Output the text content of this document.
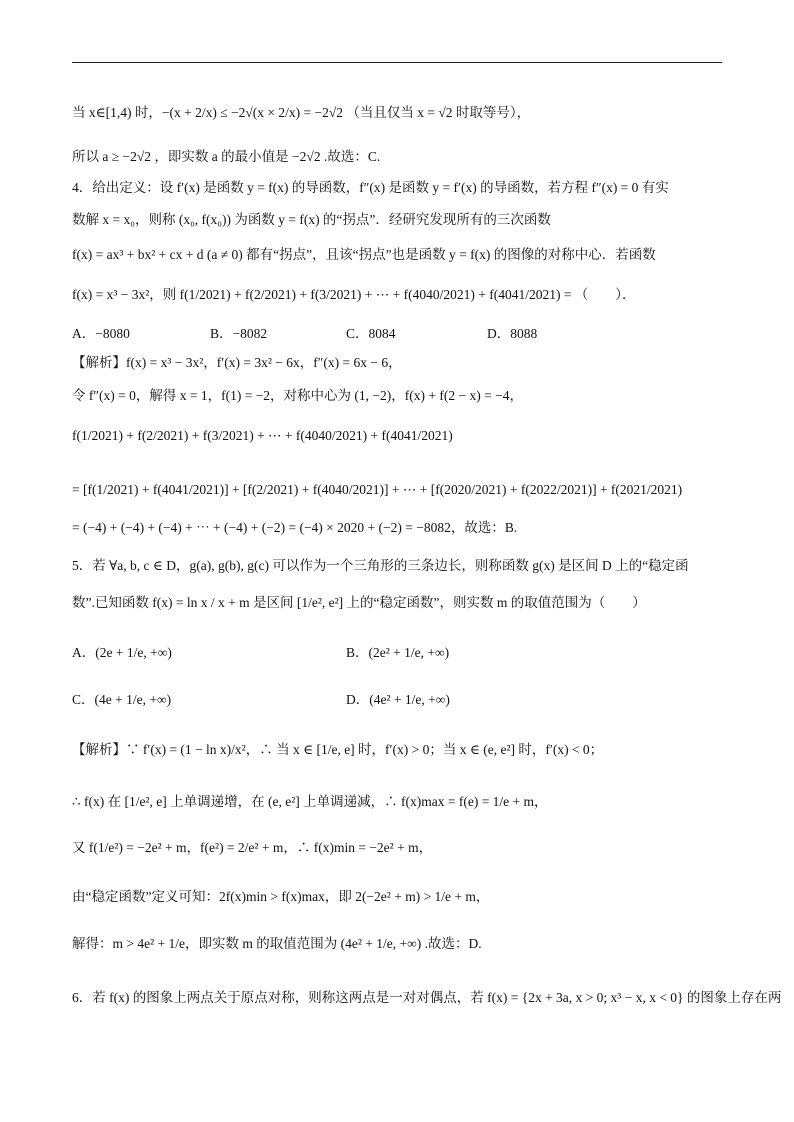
当 x∈[1,4) 时，−(x + 2/x) ≤ −2√(x × 2/x) = −2√2 （当且仅当 x = √2 时取等号），
所以 a ≥ −2√2 ，即实数 a 的最小值是 −2√2 .故选：C.
4．给出定义：设 f′(x) 是函数 y = f(x) 的导函数，f″(x) 是函数 y = f′(x) 的导函数，若方程 f″(x) = 0 有实
数解 x = x₀，则称 (x₀, f(x₀)) 为函数 y = f(x) 的“拐点”．经研究发现所有的三次函数
f(x) = ax³ + bx² + cx + d (a ≠ 0) 都有“拐点”，且该“拐点”也是函数 y = f(x) 的图像的对称中心．若函数
f(x) = x³ − 3x²，则 f(1/2021) + f(2/2021) + f(3/2021) + ⋯ + f(4040/2021) + f(4041/2021) = （　　）．
【解析】f(x) = x³ − 3x²，f′(x) = 3x² − 6x，f″(x) = 6x − 6，
令 f″(x) = 0，解得 x = 1，f(1) = −2，对称中心为 (1, −2)，f(x) + f(2 − x) = −4，
f(1/2021) + f(2/2021) + f(3/2021) + ⋯ + f(4040/2021) + f(4041/2021)
= [f(1/2021) + f(4041/2021)] + [f(2/2021) + f(4040/2021)] + ⋯ + [f(2020/2021) + f(2022/2021)] + f(2021/2021)
= (−4) + (−4) + (−4) + ⋯ + (−4) + (−2) = (−4) × 2020 + (−2) = −8082，故选：B.
5．若 ∀a, b, c ∈ D，g(a), g(b), g(c) 可以作为一个三角形的三条边长，则称函数 g(x) 是区间 D 上的“稳定函
数”.已知函数 f(x) = ln x / x + m 是区间 [1/e², e²] 上的“稳定函数”，则实数 m 的取值范围为（　　）
【解析】∵ f′(x) = (1 − ln x)/x²，∴ 当 x ∈ [1/e, e] 时，f′(x) > 0；当 x ∈ (e, e²] 时，f′(x) < 0；
∴ f(x) 在 [1/e², e] 上单调递增，在 (e, e²] 上单调递减，∴ f(x)max = f(e) = 1/e + m，
又 f(1/e²) = −2e² + m，f(e²) = 2/e² + m，∴ f(x)min = −2e² + m，
由“稳定函数”定义可知：2f(x)min > f(x)max，即 2(−2e² + m) > 1/e + m，
解得：m > 4e² + 1/e，即实数 m 的取值范围为 (4e² + 1/e, +∞) .故选：D.
6．若 f(x) 的图象上两点关于原点对称，则称这两点是一对对偶点，若 f(x) = {2x + 3a, x > 0; x³ − x, x < 0} 的图象上存在两
A．−8080	B．−8082	C．8084	D．8088
A．(2e + 1/e, +∞)	B．(2e² + 1/e, +∞)
C．(4e + 1/e, +∞)	D．(4e² + 1/e, +∞)
